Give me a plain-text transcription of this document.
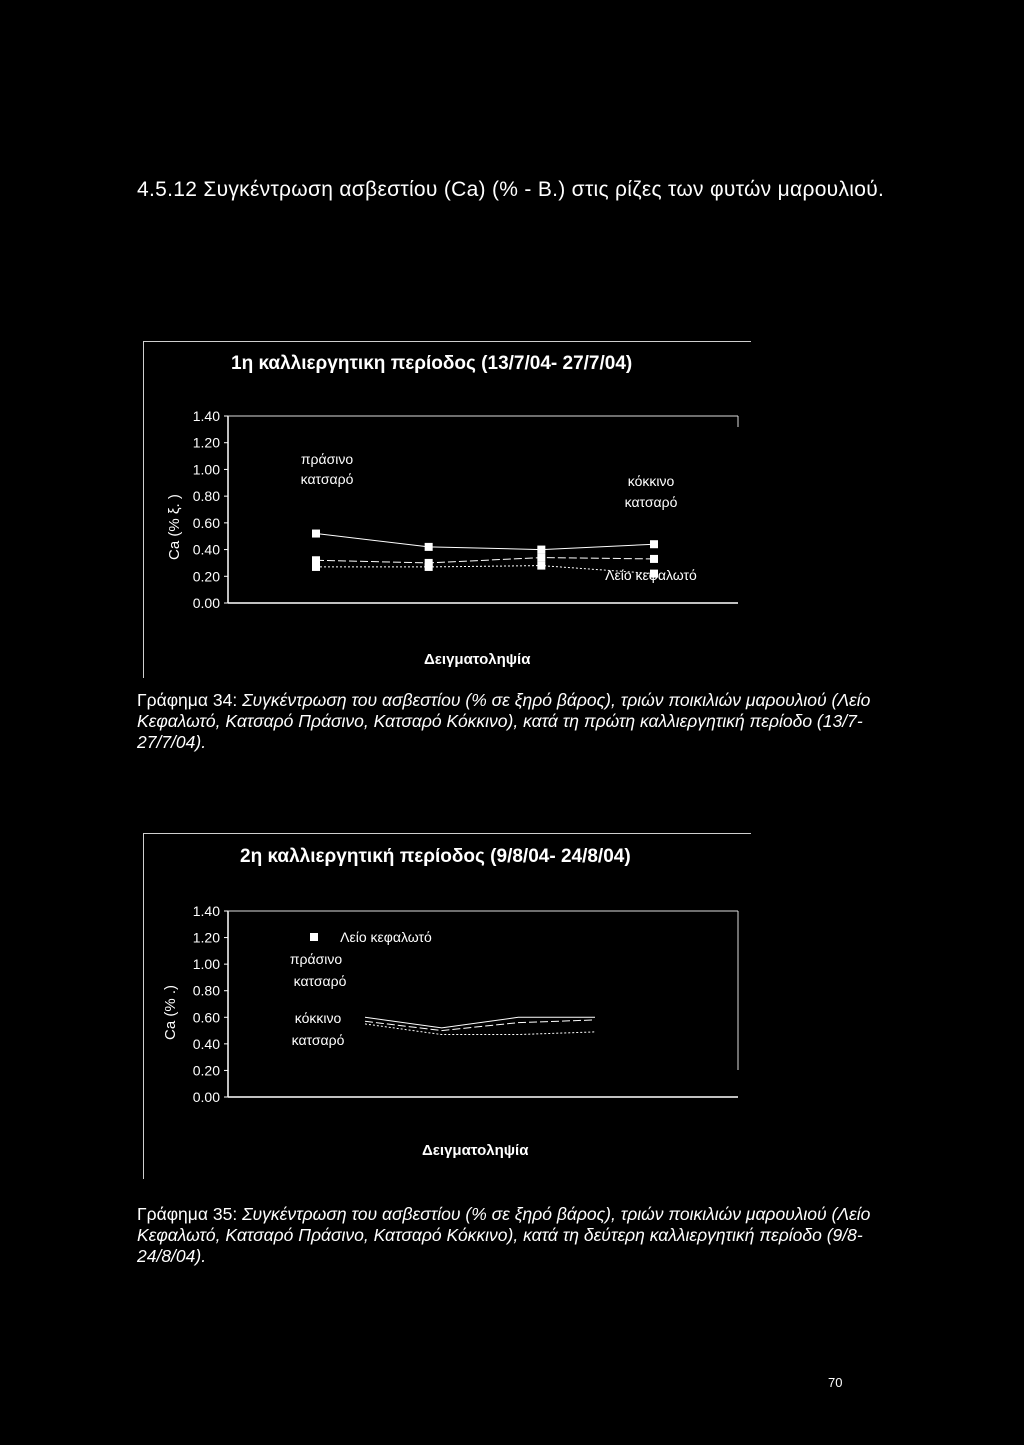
4.5.12 Συγκέντρωση ασβεστίου (Ca) (% - Β.) στις ρίζες των φυτών μαρουλιού.
1η καλλιεργητικη περίοδος (13/7/04- 27/7/04)
Ca (% ξ. )
1.40
1.20
1.00
0.80
0.60
0.40
0.20
0.00
πράσινο
κατσαρό	κόκκινο
κατσαρό
Λείο κεφαλωτό
Δειγματοληψία
Γράφημα 34: Συγκέντρωση του ασβεστίου (% σε ξηρό βάρος), τριών ποικιλιών μαρουλιού (Λείο Κεφαλωτό, Κατσαρό Πράσινο, Κατσαρό Κόκκινο), κατά τη πρώτη καλλιεργητική περίοδο (13/7- 27/7/04).
2η καλλιεργητική περίοδος (9/8/04- 24/8/04)
Ca (% .)
1.40
1.20
1.00
0.80
0.60
0.40
0.20
0.00
Λείο κεφαλωτό
πράσινο
κατσαρό
κόκκινο
κατσαρό
Δειγματοληψία
Γράφημα 35: Συγκέντρωση του ασβεστίου (% σε ξηρό βάρος), τριών ποικιλιών μαρουλιού (Λείο Κεφαλωτό, Κατσαρό Πράσινο, Κατσαρό Κόκκινο), κατά τη δεύτερη καλλιεργητική περίοδο (9/8- 24/8/04).
70
